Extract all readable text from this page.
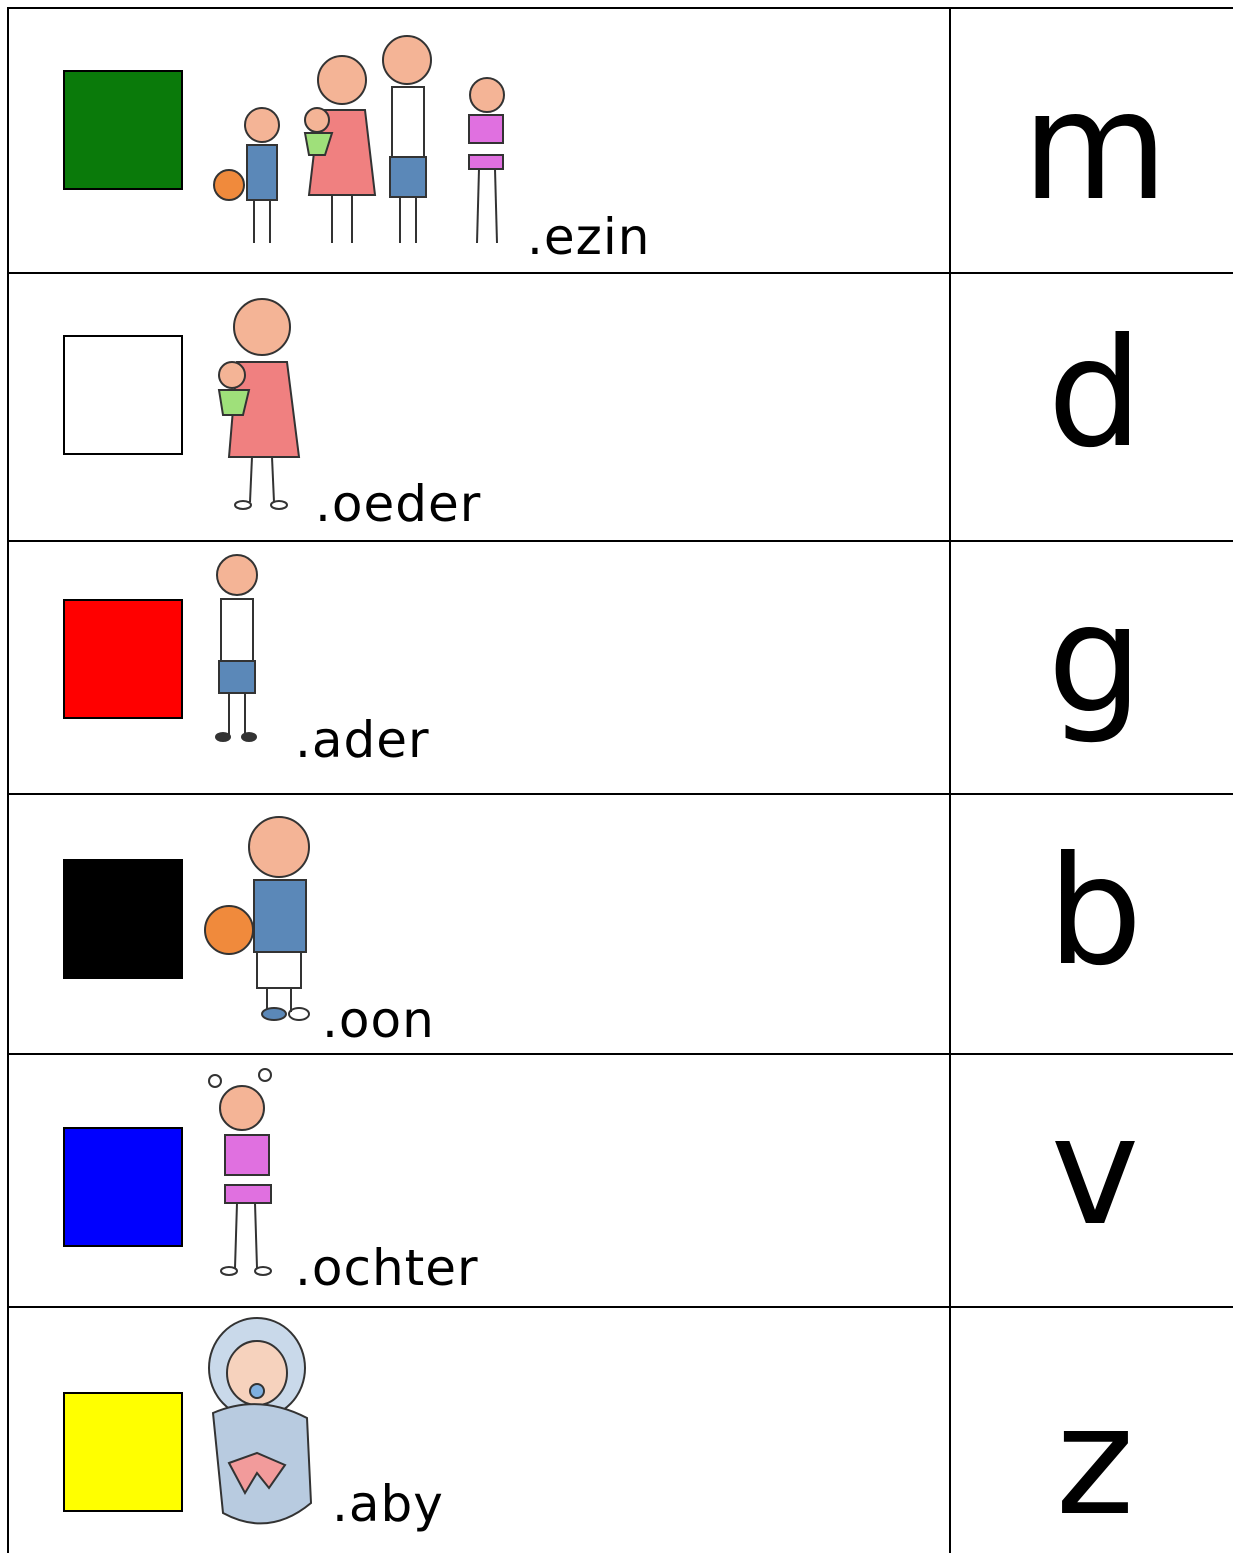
.ezin
m
.oeder
d
.ader	g
.oon
b
.ochter
v
.aby	z
